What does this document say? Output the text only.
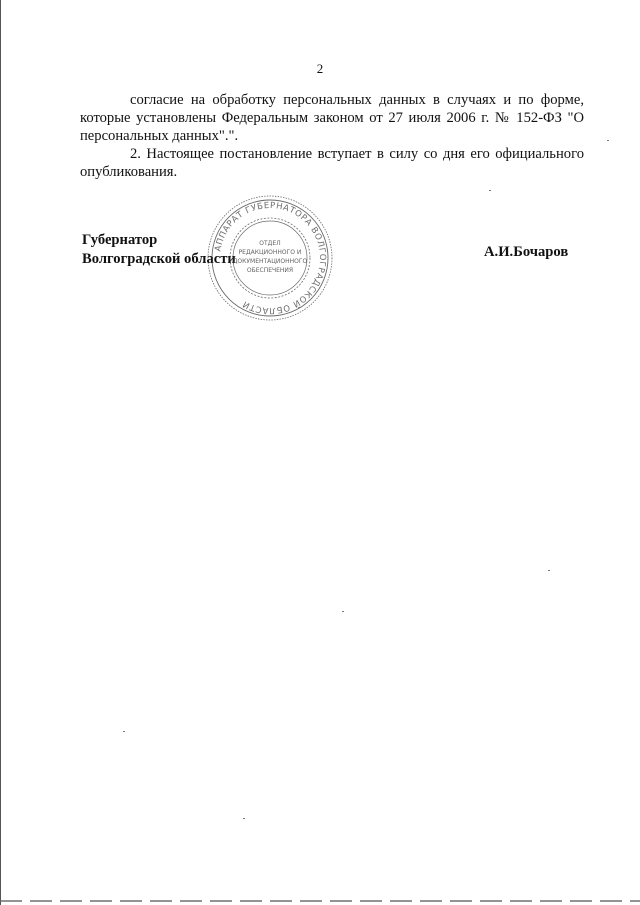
2

согласие на обработку персональных данных в случаях и по форме, которые установлены Федеральным законом от 27 июля 2006 г. № 152-ФЗ "О персональных данных".".

2. Настоящее постановление вступает в силу со дня его официального опубликования.

Губернатор
Волгоградской области	А.И.Бочаров
АППАРАТ ГУБЕРНАТОРА ВОЛГОГРАДСКОЙ ОБЛАСТИ
ОТДЕЛ
РЕДАКЦИОННОГО И
ДОКУМЕНТАЦИОННОГО
ОБЕСПЕЧЕНИЯ
